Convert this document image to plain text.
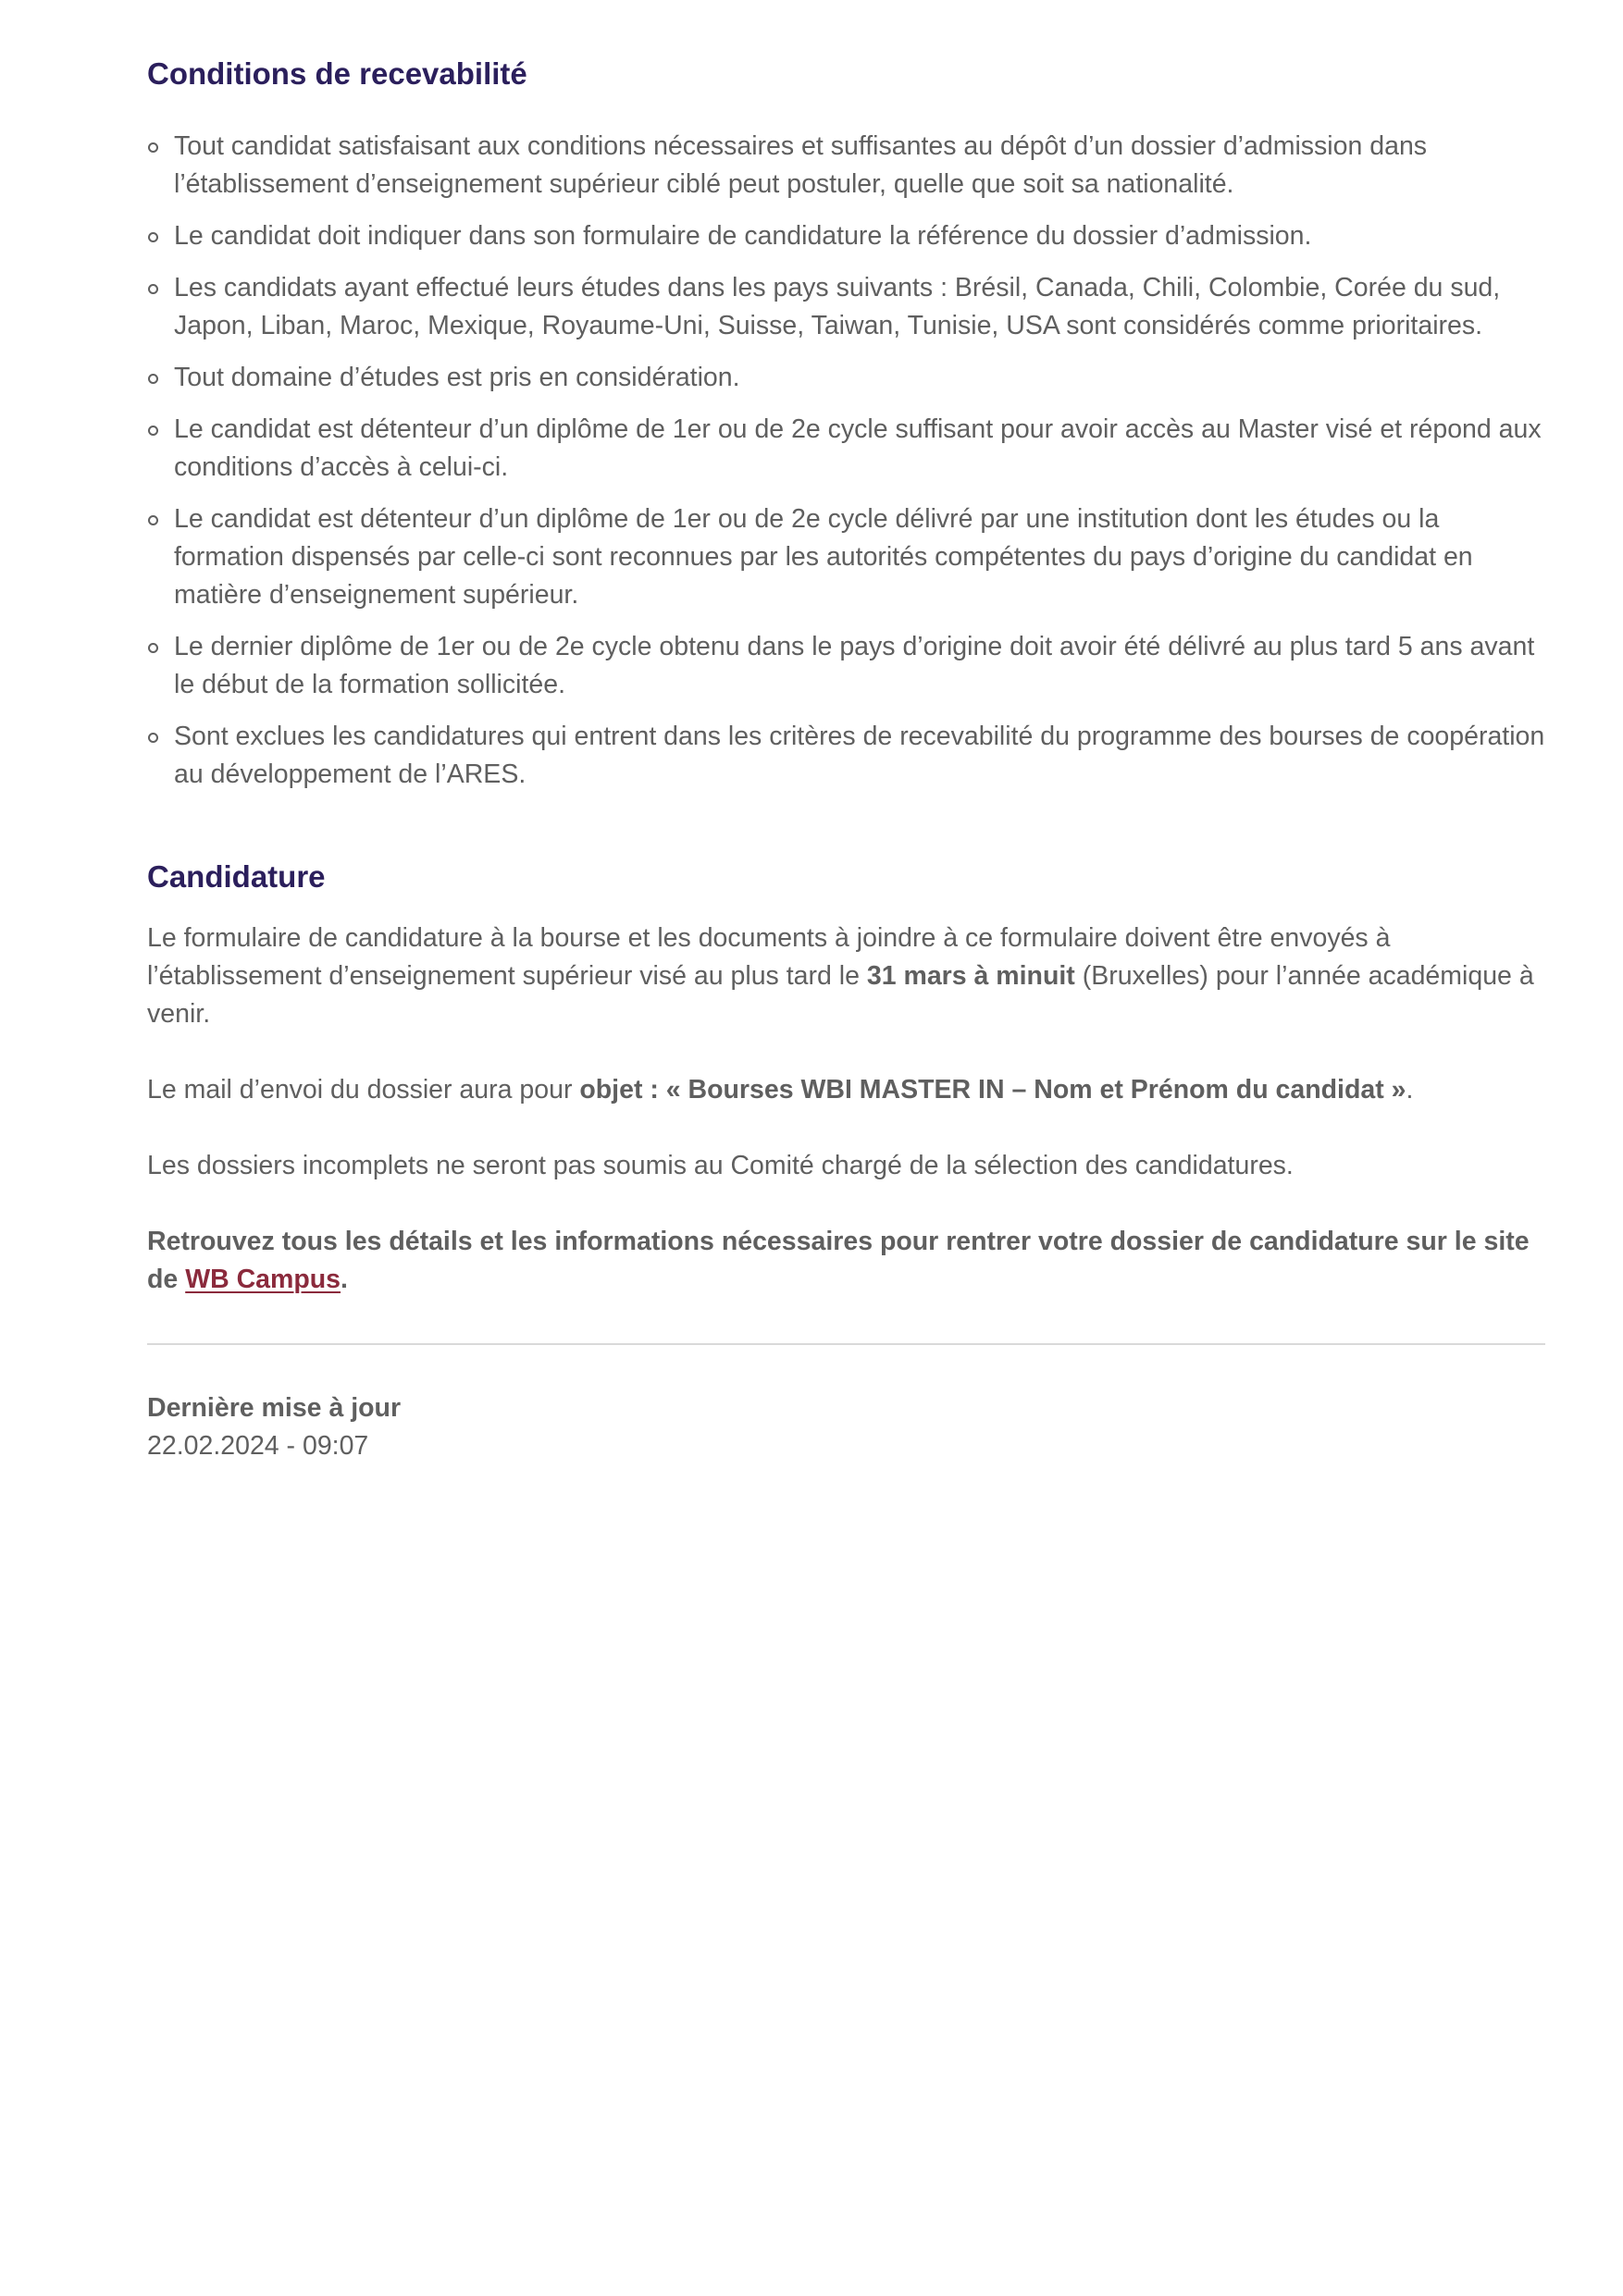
Conditions de recevabilité
Tout candidat satisfaisant aux conditions nécessaires et suffisantes au dépôt d’un dossier d’admission dans l’établissement d’enseignement supérieur ciblé peut postuler, quelle que soit sa nationalité.
Le candidat doit indiquer dans son formulaire de candidature la référence du dossier d’admission.
Les candidats ayant effectué leurs études dans les pays suivants : Brésil, Canada, Chili, Colombie, Corée du sud, Japon, Liban, Maroc, Mexique, Royaume-Uni, Suisse, Taiwan, Tunisie, USA sont considérés comme prioritaires.
Tout domaine d’études est pris en considération.
Le candidat est détenteur d’un diplôme de 1er ou de 2e cycle suffisant pour avoir accès au Master visé et répond aux conditions d’accès à celui-ci.
Le candidat est détenteur d’un diplôme de 1er ou de 2e cycle délivré par une institution dont les études ou la formation dispensés par celle-ci sont reconnues par les autorités compétentes du pays d’origine du candidat en matière d’enseignement supérieur.
Le dernier diplôme de 1er ou de 2e cycle obtenu dans le pays d’origine doit avoir été délivré au plus tard 5 ans avant le début de la formation sollicitée.
Sont exclues les candidatures qui entrent dans les critères de recevabilité du programme des bourses de coopération au développement de l’ARES.
Candidature

Le formulaire de candidature à la bourse et les documents à joindre à ce formulaire doivent être envoyés à l’établissement d’enseignement supérieur visé au plus tard le 31 mars à minuit (Bruxelles) pour l’année académique à venir.

Le mail d’envoi du dossier aura pour objet : « Bourses WBI MASTER IN – Nom et Prénom du candidat ».

Les dossiers incomplets ne seront pas soumis au Comité chargé de la sélection des candidatures.

Retrouvez tous les détails et les informations nécessaires pour rentrer votre dossier de candidature sur le site de WB Campus.

Dernière mise à jour
22.02.2024 - 09:07
